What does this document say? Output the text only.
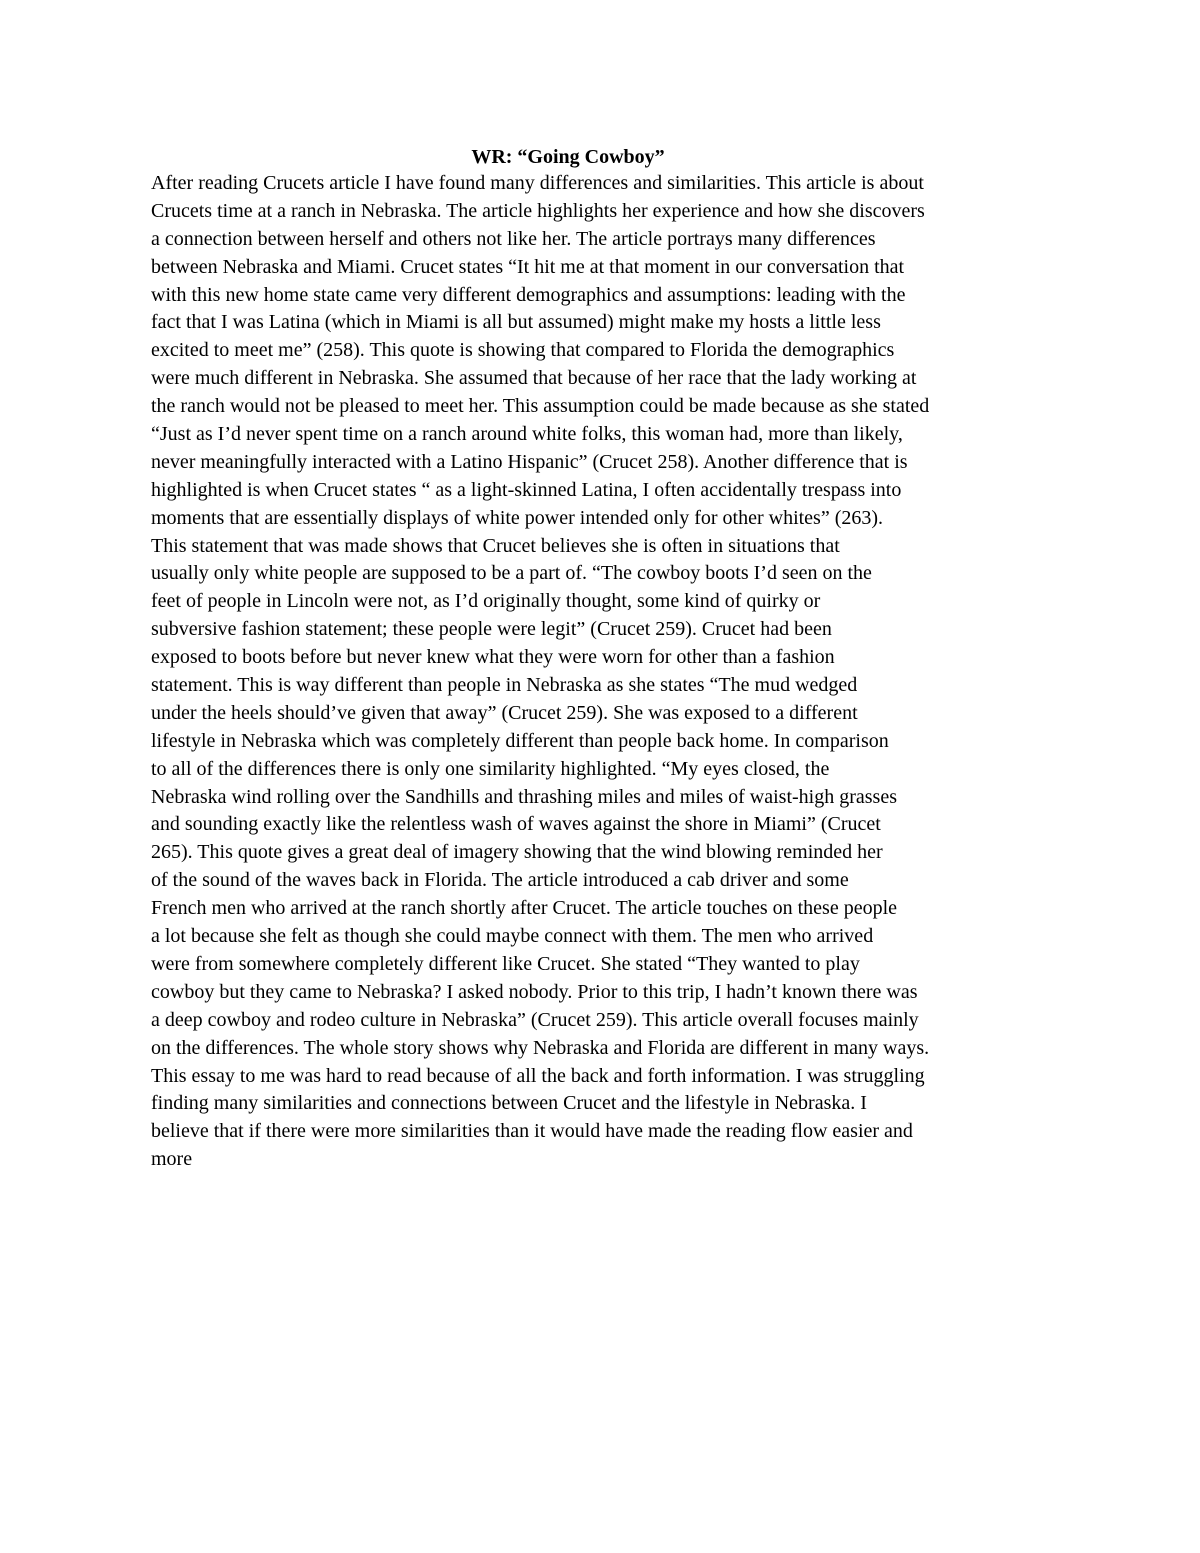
WR: “Going Cowboy”
After reading Crucets article I have found many differences and similarities. This article is about
Crucets time at a ranch in Nebraska. The article highlights her experience and how she discovers
a connection between herself and others not like her. The article portrays many differences
between Nebraska and Miami. Crucet states “It hit me at that moment in our conversation that
with this new home state came very different demographics and assumptions: leading with the
fact that I was Latina (which in Miami is all but assumed) might make my hosts a little less
excited to meet me” (258). This quote is showing that compared to Florida the demographics
were much different in Nebraska. She assumed that because of her race that the lady working at
the ranch would not be pleased to meet her. This assumption could be made because as she stated
“Just as I’d never spent time on a ranch around white folks, this woman had, more than likely,
never meaningfully interacted with a Latino Hispanic” (Crucet 258). Another difference that is
highlighted is when Crucet states “ as a light-skinned Latina, I often accidentally trespass into
moments that are essentially displays of white power intended only for other whites” (263).
This statement that was made shows that Crucet believes she is often in situations that
usually only white people are supposed to be a part of. “The cowboy boots I’d seen on the
feet of people in Lincoln were not, as I’d originally thought, some kind of quirky or
subversive fashion statement; these people were legit” (Crucet 259). Crucet had been
exposed to boots before but never knew what they were worn for other than a fashion
statement. This is way different than people in Nebraska as she states “The mud wedged
under the heels should’ve given that away” (Crucet 259). She was exposed to a different
lifestyle in Nebraska which was completely different than people back home. In comparison
to all of the differences there is only one similarity highlighted. “My eyes closed, the
Nebraska wind rolling over the Sandhills and thrashing miles and miles of waist-high grasses
and sounding exactly like the relentless wash of waves against the shore in Miami” (Crucet
265). This quote gives a great deal of imagery showing that the wind blowing reminded her
of the sound of the waves back in Florida. The article introduced a cab driver and some
French men who arrived at the ranch shortly after Crucet. The article touches on these people
a lot because she felt as though she could maybe connect with them. The men who arrived
were from somewhere completely different like Crucet. She stated “They wanted to play
cowboy but they came to Nebraska? I asked nobody. Prior to this trip, I hadn’t known there was
a deep cowboy and rodeo culture in Nebraska” (Crucet 259). This article overall focuses mainly
on the differences. The whole story shows why Nebraska and Florida are different in many ways.
This essay to me was hard to read because of all the back and forth information. I was struggling
finding many similarities and connections between Crucet and the lifestyle in Nebraska. I
believe that if there were more similarities than it would have made the reading flow easier and
more
